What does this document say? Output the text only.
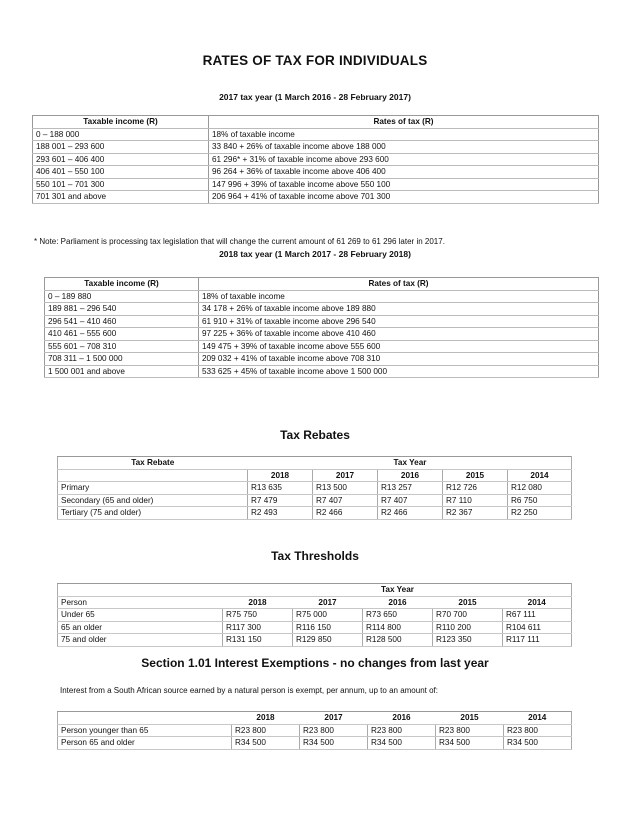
RATES OF TAX FOR INDIVIDUALS
2017 tax year (1 March 2016 - 28 February 2017)
Taxable income (R)	Rates of tax (R)
0 – 188 000	18% of taxable income
188 001 – 293 600	33 840 + 26% of taxable income above 188 000
293 601 – 406 400	61 296* + 31% of taxable income above 293 600
406 401 – 550 100	96 264 + 36% of taxable income above 406 400
550 101 – 701 300	147 996 + 39% of taxable income above 550 100
701 301 and above	206 964 + 41% of taxable income above 701 300
* Note: Parliament is processing tax legislation that will change the current amount of 61 269 to 61 296 later in 2017.
2018 tax year (1 March 2017 - 28 February 2018)
Taxable income (R)	Rates of tax (R)
0 – 189 880	18% of taxable income
189 881 – 296 540	34 178 + 26% of taxable income above 189 880
296 541 – 410 460	61 910 + 31% of taxable income above 296 540
410 461 – 555 600	97 225 + 36% of taxable income above 410 460
555 601 – 708 310	149 475 + 39% of taxable income above 555 600
708 311 – 1 500 000	209 032 + 41% of taxable income above 708 310
1 500 001 and above	533 625 + 45% of taxable income above 1 500 000
Tax Rebates
Tax Rebate			Tax Year		
	2018	2017	2016	2015	2014
Primary	R13 635	R13 500	R13 257	R12 726	R12 080
Secondary (65 and older)	R7 479	R7 407	R7 407	R7 110	R6 750
Tertiary (75 and older)	R2 493	R2 466	R2 466	R2 367	R2 250
Tax Thresholds
			Tax Year		
Person	2018	2017	2016	2015	2014
Under 65	R75 750	R75 000	R73 650	R70 700	R67 111
65 an older	R117 300	R116 150	R114 800	R110 200	R104 611
75 and older	R131 150	R129 850	R128 500	R123 350	R117 111
Section 1.01 Interest Exemptions - no changes from last year
Interest from a South African source earned by a natural person is exempt, per annum, up to an amount of:
	2018	2017	2016	2015	2014
Person younger than 65	R23 800	R23 800	R23 800	R23 800	R23 800
Person 65 and older	R34 500	R34 500	R34 500	R34 500	R34 500
